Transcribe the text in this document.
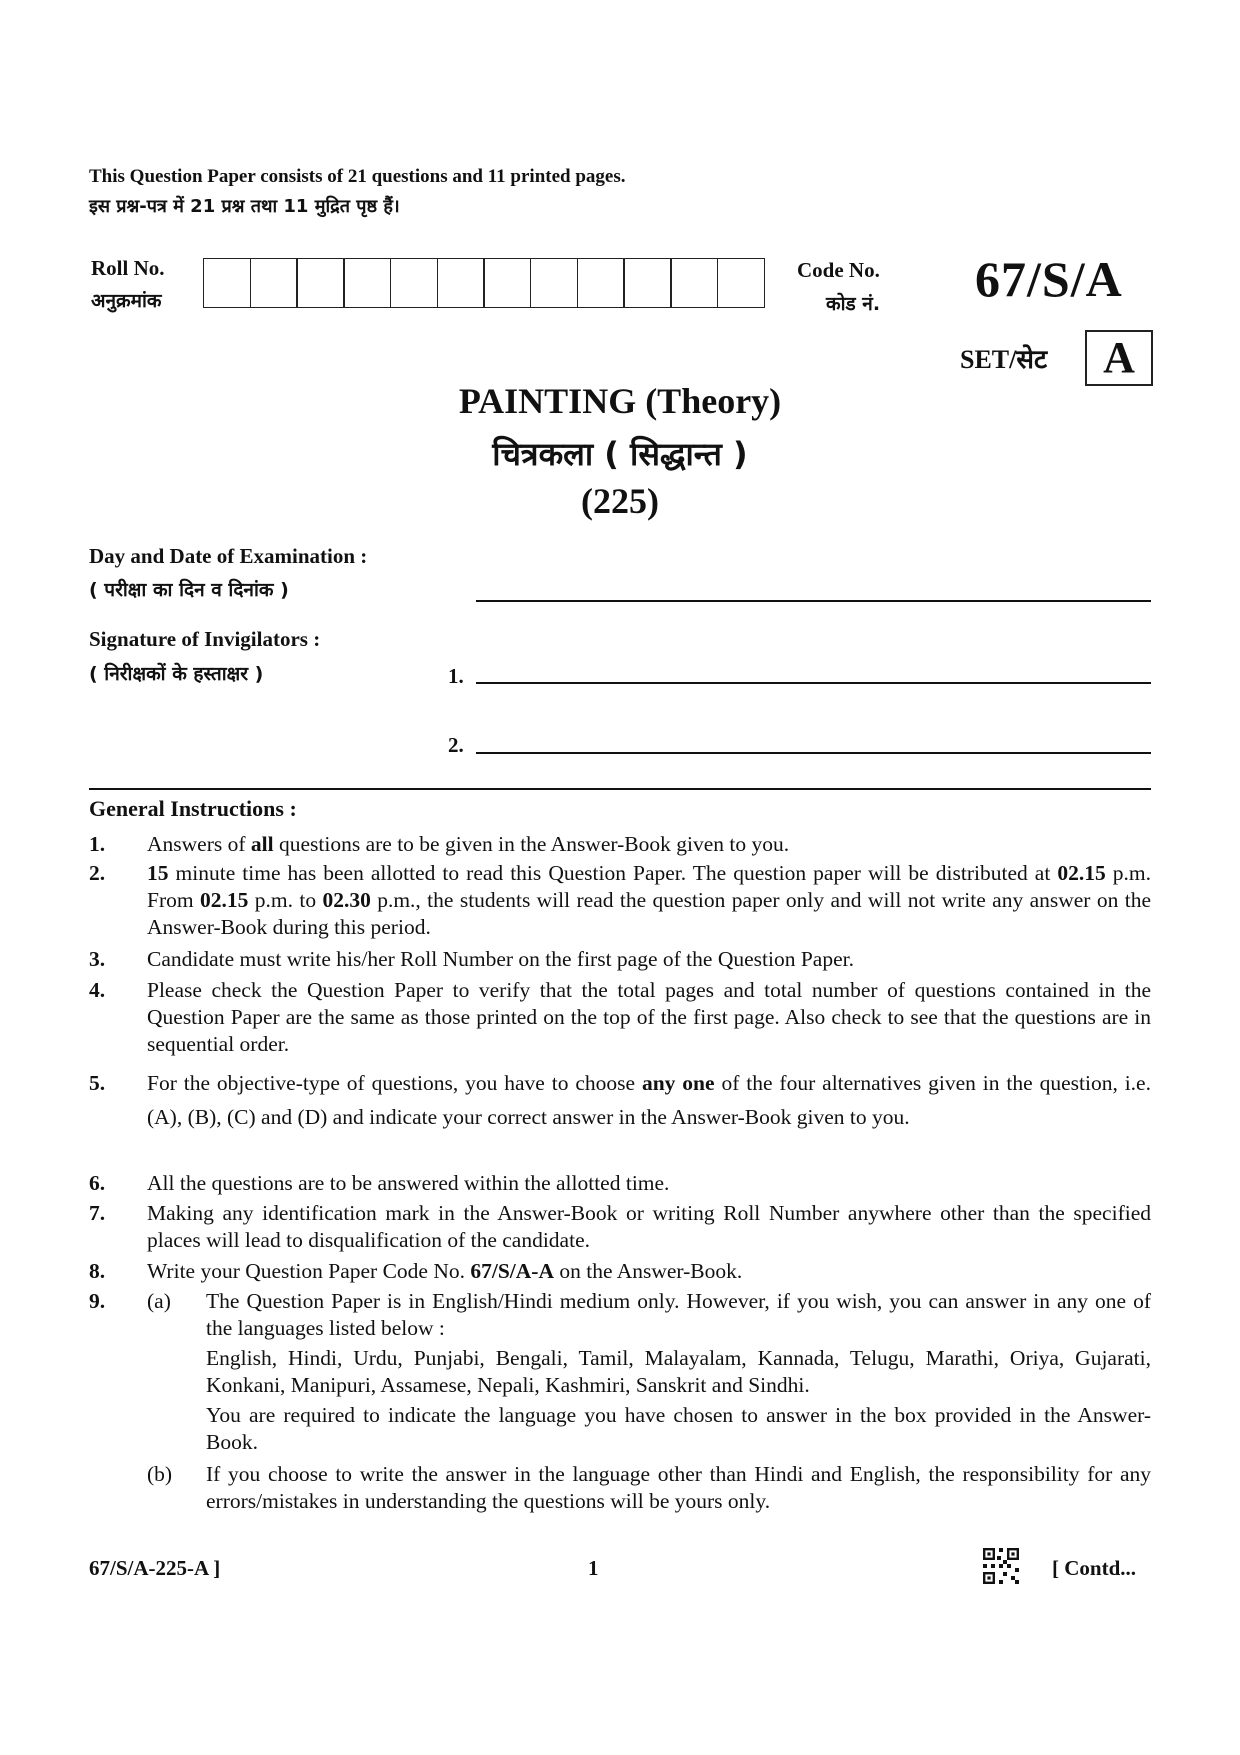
This Question Paper consists of 21 questions and 11 printed pages.
इस प्रश्न-पत्र में 21 प्रश्न तथा 11 मुद्रित पृष्ठ हैं।
Roll No.
अनुक्रमांक
Code No.
कोड नं. 67/S/A
SET/सेट	A
PAINTING (Theory)
चित्रकला ( सिद्धान्त )
(225)
Day and Date of Examination :
( परीक्षा का दिन व दिनांक )
Signature of Invigilators :
( निरीक्षकों के हस्ताक्षर )	1.
2.
General Instructions :
1.	Answers of all questions are to be given in the Answer-Book given to you.
2.	15 minute time has been allotted to read this Question Paper. The question paper will be distributed at 02.15 p.m. From 02.15 p.m. to 02.30 p.m., the students will read the question paper only and will not write any answer on the Answer-Book during this period.
3.	Candidate must write his/her Roll Number on the first page of the Question Paper.
4.	Please check the Question Paper to verify that the total pages and total number of questions contained in the Question Paper are the same as those printed on the top of the first page. Also check to see that the questions are in sequential order.
5.	For the objective-type of questions, you have to choose any one of the four alternatives given in the question, i.e. (A), (B), (C) and (D) and indicate your correct answer in the Answer-Book given to you.
6.	All the questions are to be answered within the allotted time.
7.	Making any identification mark in the Answer-Book or writing Roll Number anywhere other than the specified places will lead to disqualification of the candidate.
8.	Write your Question Paper Code No. 67/S/A-A on the Answer-Book.
9.	(a) The Question Paper is in English/Hindi medium only. However, if you wish, you can answer in any one of the languages listed below :
English, Hindi, Urdu, Punjabi, Bengali, Tamil, Malayalam, Kannada, Telugu, Marathi, Oriya, Gujarati, Konkani, Manipuri, Assamese, Nepali, Kashmiri, Sanskrit and Sindhi.
You are required to indicate the language you have chosen to answer in the box provided in the Answer-Book.
(b) If you choose to write the answer in the language other than Hindi and English, the responsibility for any errors/mistakes in understanding the questions will be yours only.
67/S/A-225-A ]	1	[ Contd...
